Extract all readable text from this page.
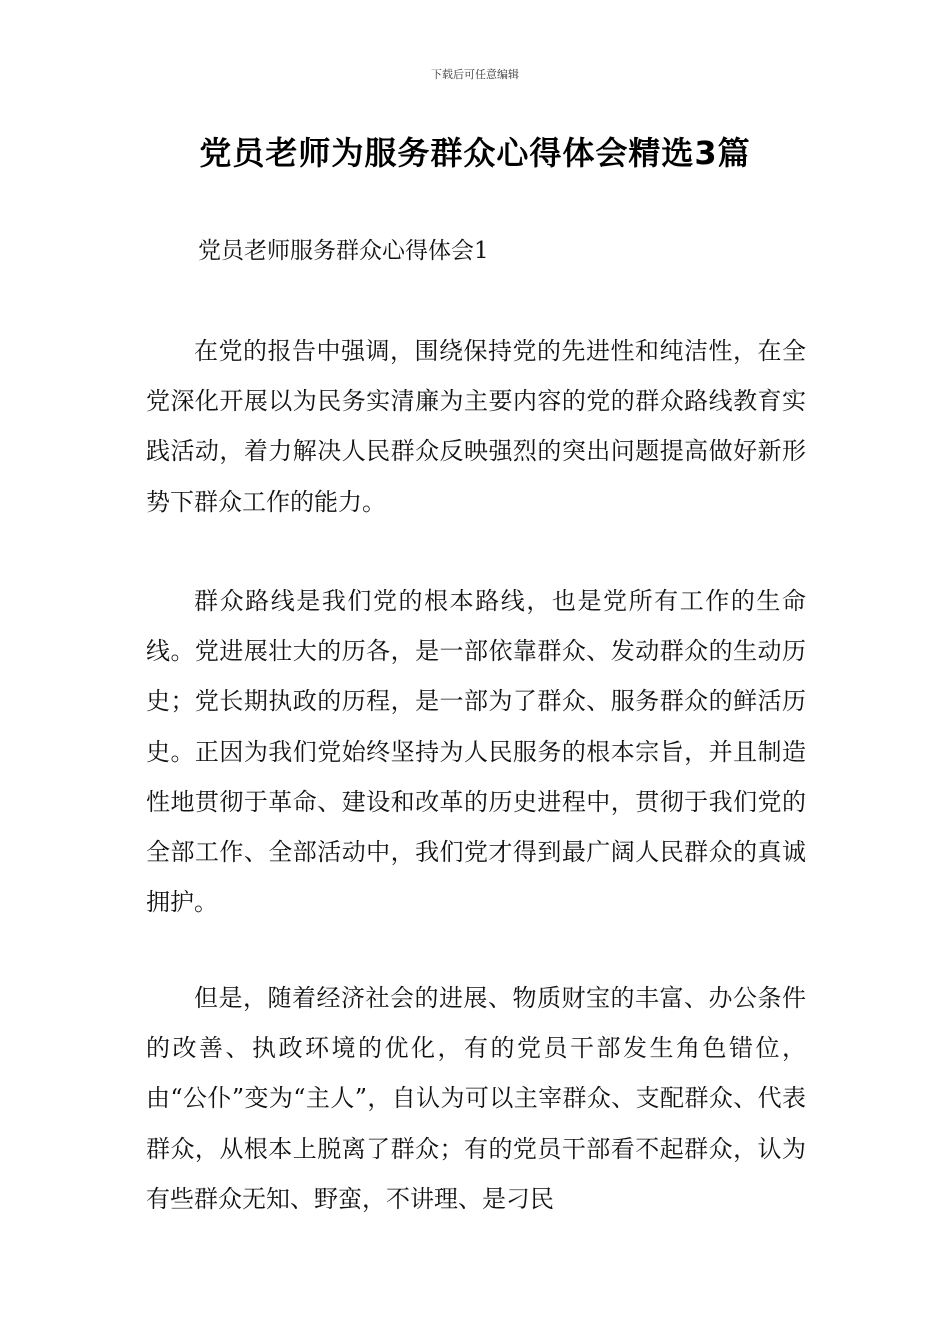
下载后可任意编辑
党员老师为服务群众心得体会精选3篇

党员老师服务群众心得体会1

在党的报告中强调，围绕保持党的先进性和纯洁性，在全党深化开展以为民务实清廉为主要内容的党的群众路线教育实践活动，着力解决人民群众反映强烈的突出问题提高做好新形势下群众工作的能力。

群众路线是我们党的根本路线，也是党所有工作的生命线。党进展壮大的历各，是一部依靠群众、发动群众的生动历史；党长期执政的历程，是一部为了群众、服务群众的鲜活历史。正因为我们党始终坚持为人民服务的根本宗旨，并且制造性地贯彻于革命、建设和改革的历史进程中，贯彻于我们党的全部工作、全部活动中，我们党才得到最广阔人民群众的真诚拥护。

但是，随着经济社会的进展、物质财宝的丰富、办公条件的改善、执政环境的优化，有的党员干部发生角色错位，由“公仆”变为“主人”，自认为可以主宰群众、支配群众、代表群众，从根本上脱离了群众；有的党员干部看不起群众，认为有些群众无知、野蛮，不讲理、是刁民
